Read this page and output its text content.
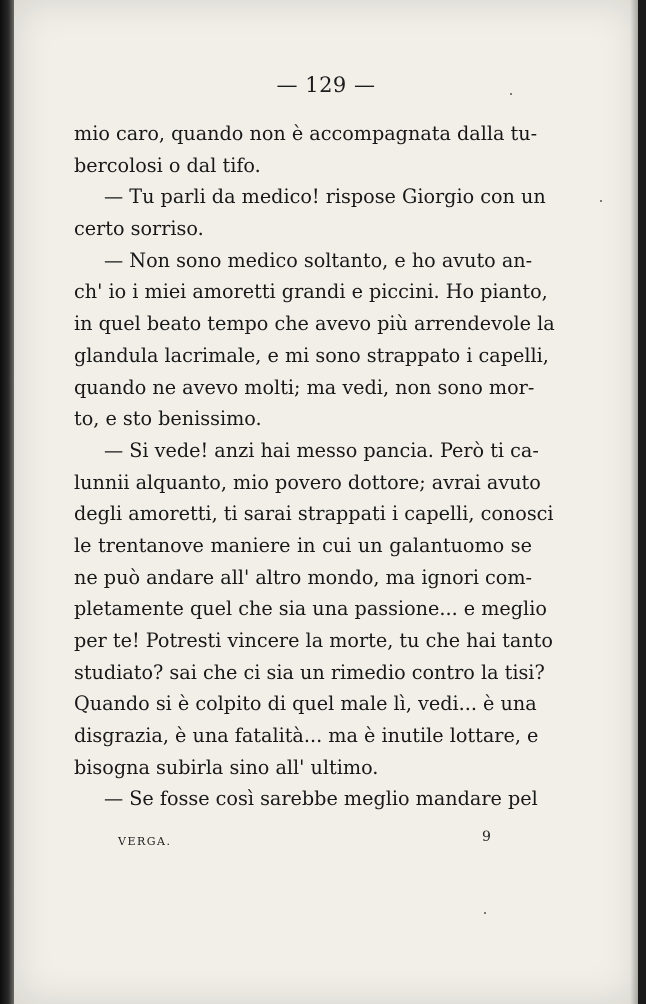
— 129 —
mio caro, quando non è accompagnata dalla tu-
bercolosi o dal tifo.
— Tu parli da medico! rispose Giorgio con un
certo sorriso.
— Non sono medico soltanto, e ho avuto an-
ch' io i miei amoretti grandi e piccini. Ho pianto,
in quel beato tempo che avevo più arrendevole la
glandula lacrimale, e mi sono strappato i capelli,
quando ne avevo molti; ma vedi, non sono mor-
to, e sto benissimo.
— Si vede! anzi hai messo pancia. Però ti ca-
lunnii alquanto, mio povero dottore; avrai avuto
degli amoretti, ti sarai strappati i capelli, conosci
le trentanove maniere in cui un galantuomo se
ne può andare all' altro mondo, ma ignori com-
pletamente quel che sia una passione... e meglio
per te! Potresti vincere la morte, tu che hai tanto
studiato? sai che ci sia un rimedio contro la tisi?
Quando si è colpito di quel male lì, vedi... è una
disgrazia, è una fatalità... ma è inutile lottare, e
bisogna subirla sino all' ultimo.
— Se fosse così sarebbe meglio mandare pel
VERGA.	9
